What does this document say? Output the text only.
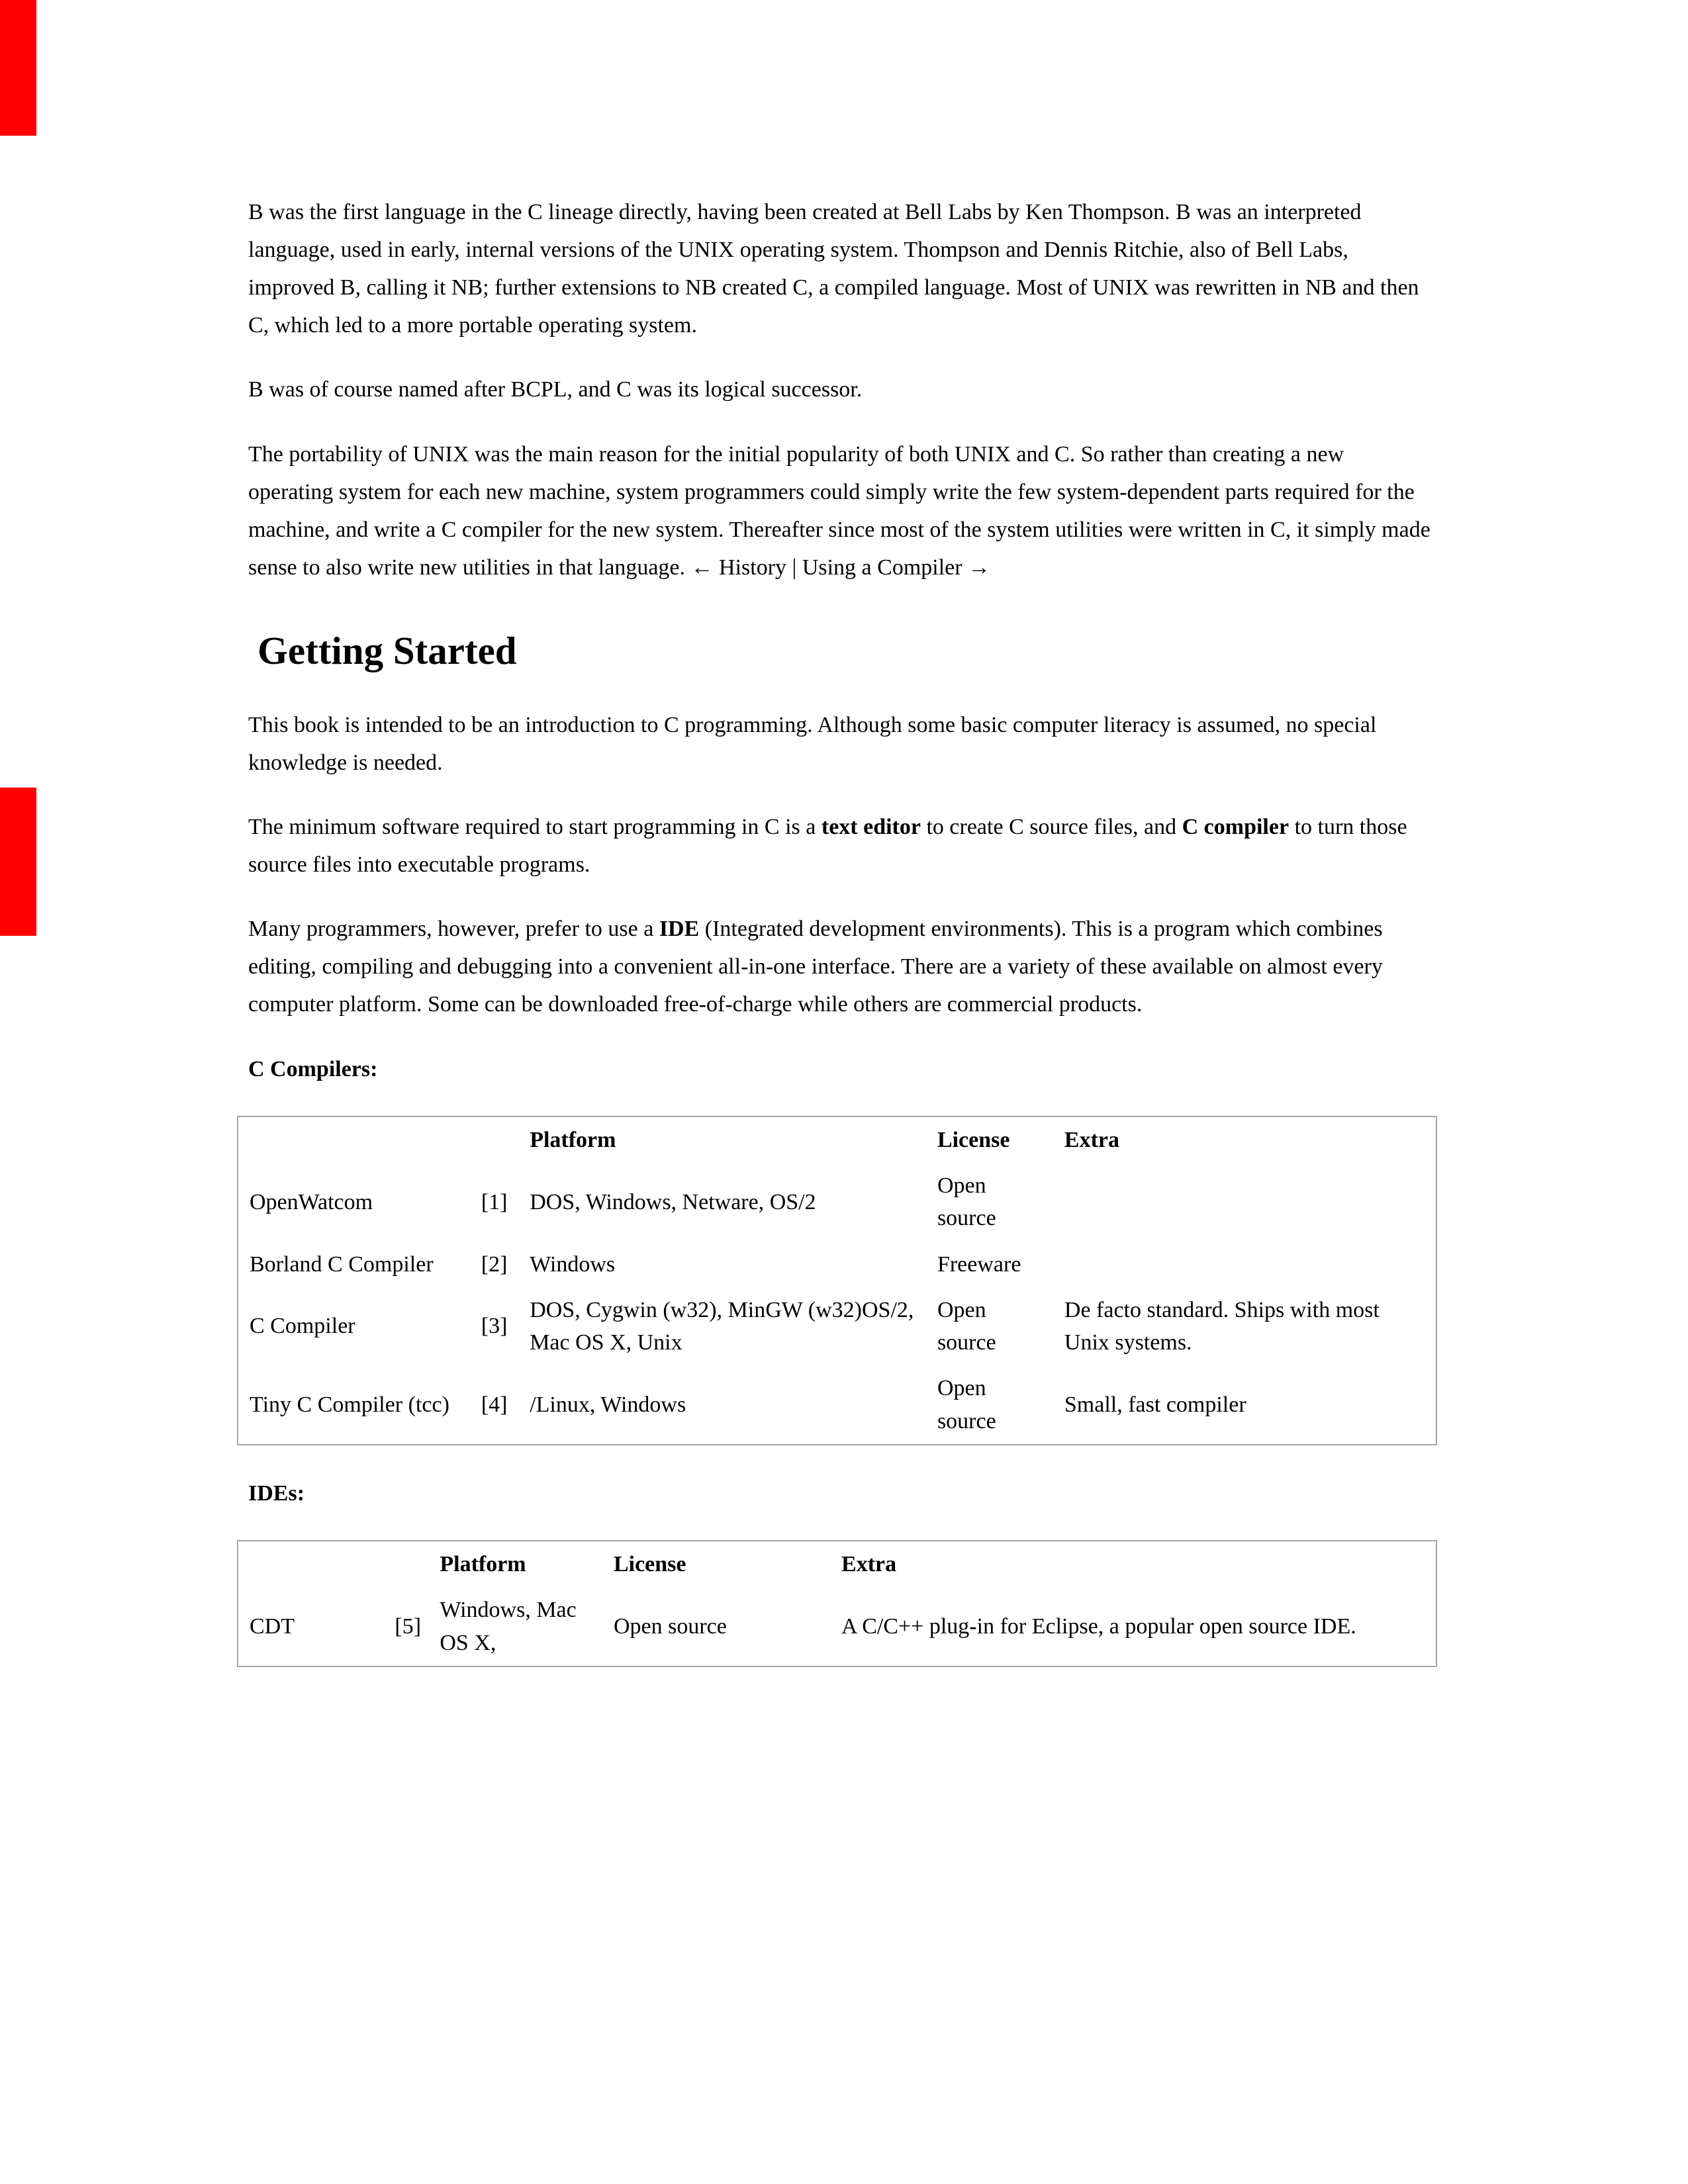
B was the first language in the C lineage directly, having been created at Bell Labs by Ken Thompson. B was an interpreted language, used in early, internal versions of the UNIX operating system. Thompson and Dennis Ritchie, also of Bell Labs, improved B, calling it NB; further extensions to NB created C, a compiled language. Most of UNIX was rewritten in NB and then C, which led to a more portable operating system.

B was of course named after BCPL, and C was its logical successor.

The portability of UNIX was the main reason for the initial popularity of both UNIX and C. So rather than creating a new operating system for each new machine, system programmers could simply write the few system-dependent parts required for the machine, and write a C compiler for the new system. Thereafter since most of the system utilities were written in C, it simply made sense to also write new utilities in that language. ← History | Using a Compiler →

Getting Started

This book is intended to be an introduction to C programming. Although some basic computer literacy is assumed, no special knowledge is needed.

The minimum software required to start programming in C is a text editor to create C source files, and C compiler to turn those source files into executable programs.

Many programmers, however, prefer to use a IDE (Integrated development environments). This is a program which combines editing, compiling and debugging into a convenient all-in-one interface. There are a variety of these available on almost every computer platform. Some can be downloaded free-of-charge while others are commercial products.

C Compilers:
		Platform	License	Extra
OpenWatcom	[1]	DOS, Windows, Netware, OS/2	Open source	
Borland C Compiler	[2]	Windows	Freeware	
C Compiler	[3]	DOS, Cygwin (w32), MinGW (w32)OS/2, Mac OS X, Unix	Open source	De facto standard. Ships with most Unix systems.
Tiny C Compiler (tcc)	[4]	/Linux, Windows	Open source	Small, fast compiler
IDEs:
		Platform	License	Extra
CDT	[5]	Windows, Mac OS X,	Open source	A C/C++ plug-in for Eclipse, a popular open source IDE.
